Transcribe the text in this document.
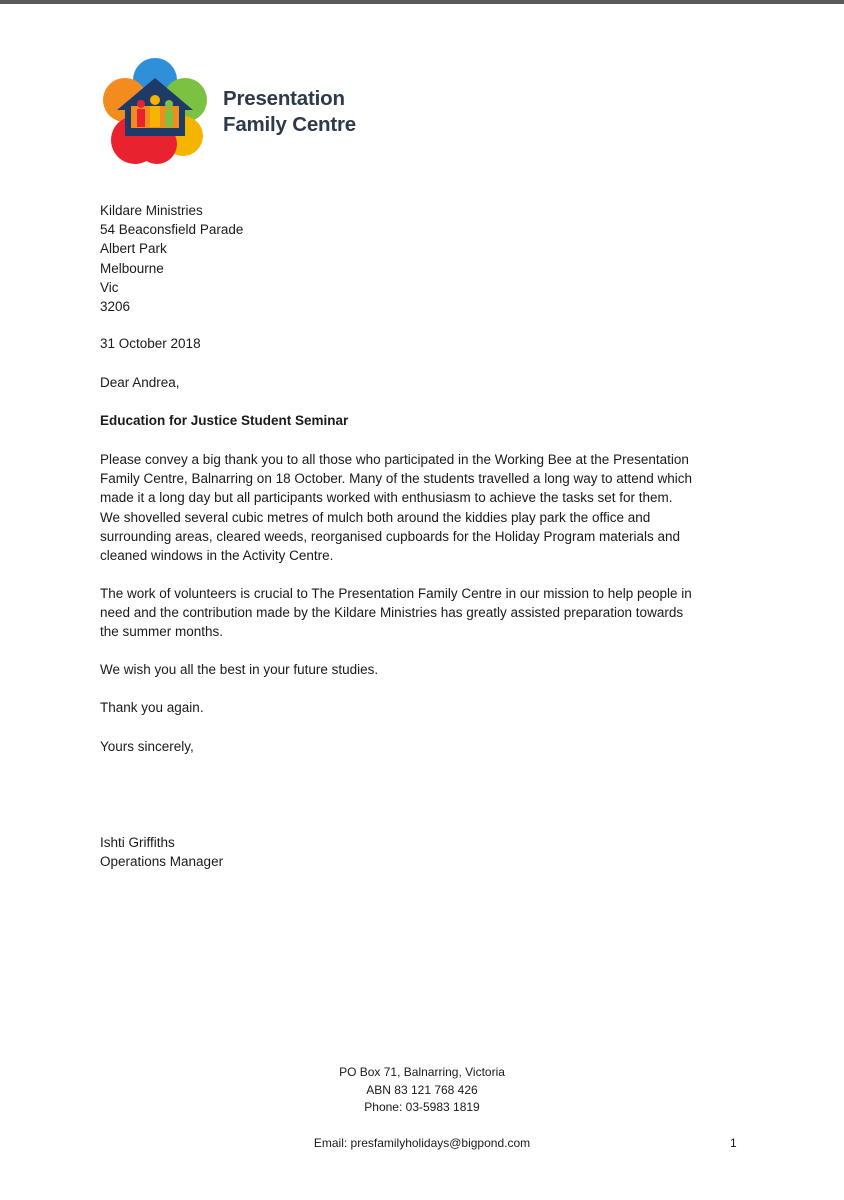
Presentation
Family Centre
Kildare Ministries
54 Beaconsfield Parade
Albert Park
Melbourne
Vic
3206
31 October 2018
Dear Andrea,
Education for Justice Student Seminar
Please convey a big thank you to all those who participated in the Working Bee at the Presentation
Family Centre, Balnarring on 18 October. Many of the students travelled a long way to attend which
made it a long day but all participants worked with enthusiasm to achieve the tasks set for them.
We shovelled several cubic metres of mulch both around the kiddies play park the office and
surrounding areas, cleared weeds, reorganised cupboards for the Holiday Program materials and
cleaned windows in the Activity Centre.
The work of volunteers is crucial to The Presentation Family Centre in our mission to help people in
need and the contribution made by the Kildare Ministries has greatly assisted preparation towards
the summer months.
We wish you all the best in your future studies.
Thank you again.
Yours sincerely,
Ishti Griffiths
Operations Manager
PO Box 71, Balnarring, Victoria
ABN 83 121 768 426
Phone: 03-5983 1819
Email: presfamilyholidays@bigpond.com	1
